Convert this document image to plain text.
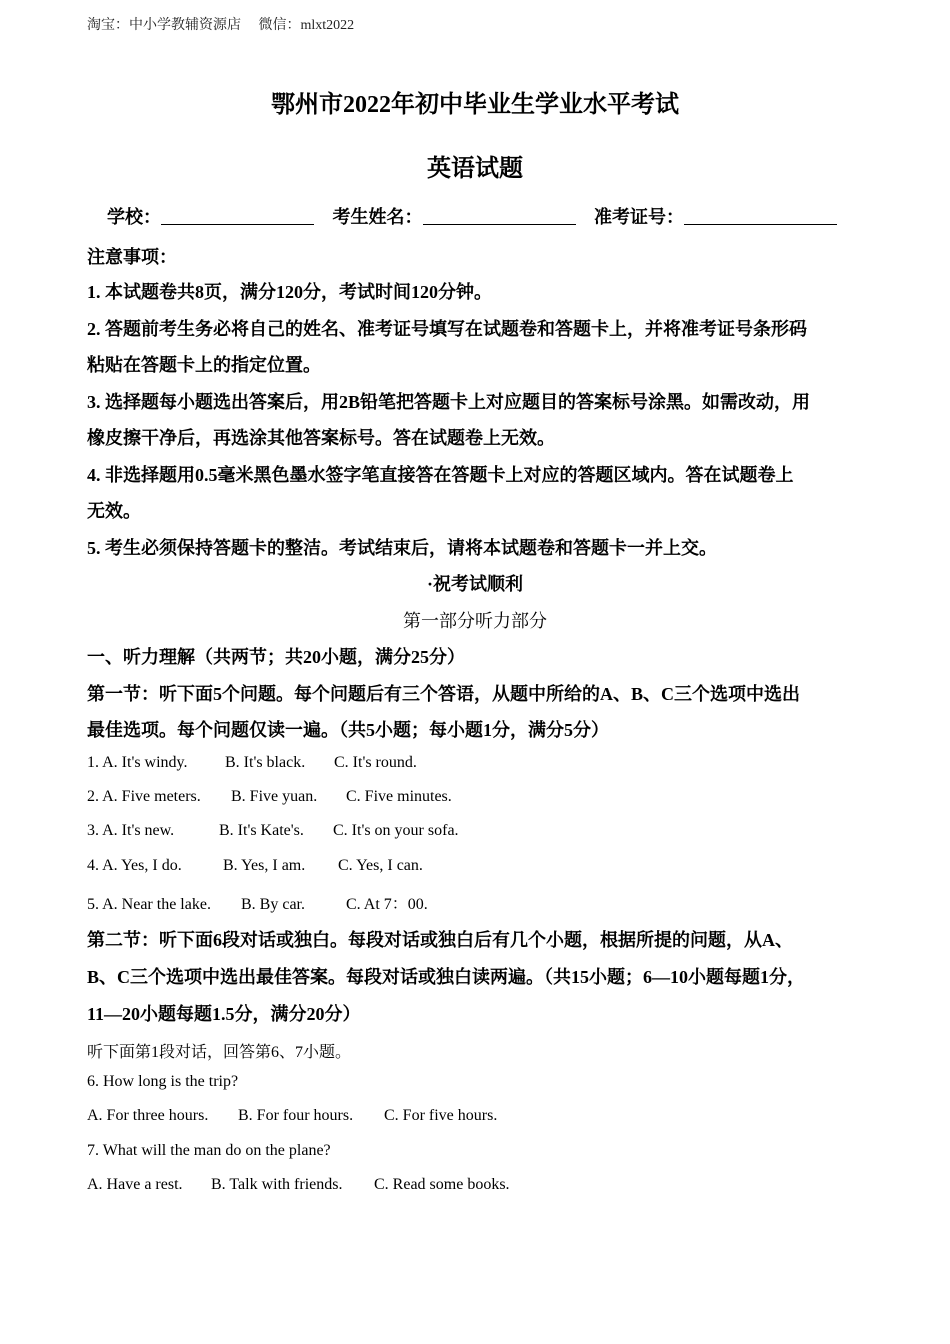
淘宝：中小学教辅资源店 微信：mlxt2022
鄂州市2022年初中毕业生学业水平考试
英语试题
学校：	考生姓名：	准考证号：
注意事项：
1. 本试题卷共8页，满分120分，考试时间120分钟。
2. 答题前考生务必将自己的姓名、准考证号填写在试题卷和答题卡上，并将准考证号条形码
粘贴在答题卡上的指定位置。
3. 选择题每小题选出答案后，用2B铅笔把答题卡上对应题目的答案标号涂黑。如需改动，用
橡皮擦干净后，再选涂其他答案标号。答在试题卷上无效。
4. 非选择题用0.5毫米黑色墨水签字笔直接答在答题卡上对应的答题区域内。答在试题卷上
无效。
5. 考生必须保持答题卡的整洁。考试结束后，请将本试题卷和答题卡一并上交。
·祝考试顺利
第一部分听力部分
一、听力理解（共两节；共20小题，满分25分）
第一节：听下面5个问题。每个问题后有三个答语，从题中所给的A、B、C三个选项中选出
最佳选项。每个问题仅读一遍。（共5小题；每小题1分，满分5分）
1. A. It's windy. B. It's black. C. It's round.
2. A. Five meters. B. Five yuan. C. Five minutes.
3. A. It's new.	B. It's Kate's. C. It's on your sofa.
4. A. Yes, I do.	B. Yes, I am. C. Yes, I can.
5. A. Near the lake. B. By car.	C. At 7：00.
第二节：听下面6段对话或独白。每段对话或独白后有几个小题，根据所提的问题，从A、
B、C三个选项中选出最佳答案。每段对话或独白读两遍。（共15小题；6—10小题每题1分，
11—20小题每题1.5分，满分20分）
听下面第1段对话，回答第6、7小题。
6. How long is the trip?
A. For three hours. B. For four hours. C. For five hours.
7. What will the man do on the plane?
A. Have a rest. B. Talk with friends. C. Read some books.
